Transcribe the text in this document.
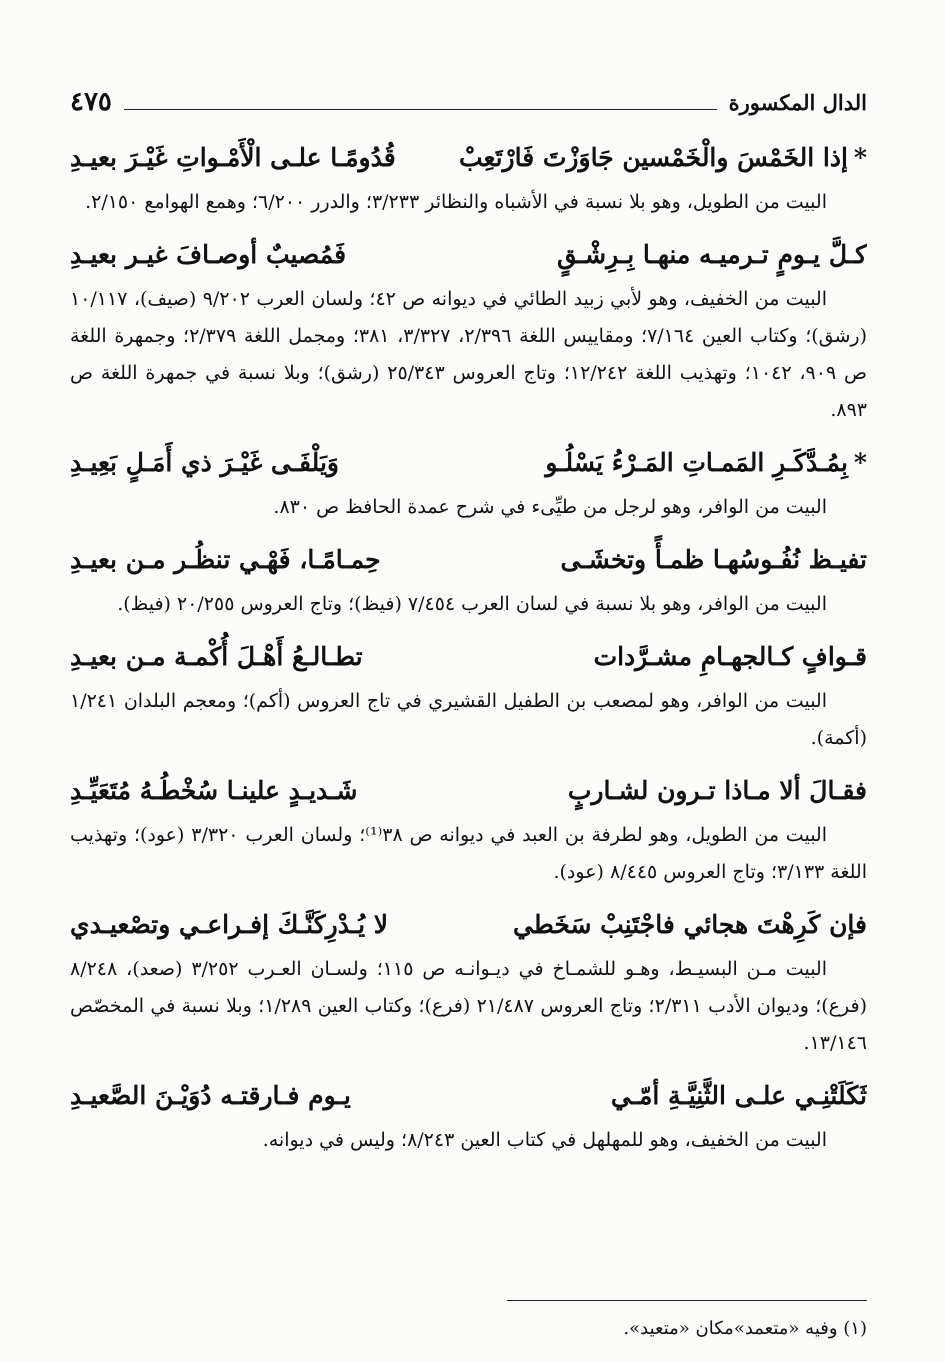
الدال المكسورة
٤٧٥
*إذا الخَمْسَ والْخَمْسين جَاوَزْتَ فَارْتَعِبْ
قُدُومًـا علـى الْأَمْـواتِ غَيْـرَ بعيـدِ
البيت من الطويل، وهو بلا نسبة في الأشباه والنظائر ٣/٢٣٣؛ والدرر ٦/٢٠٠؛ وهمع الهوامع ٢/١٥٠.
كـلَّ يـومٍ تـرميـه منهـا بِـرِشْـقٍ
فَمُصيبٌ أوصـافَ غيـر بعيـدِ
البيت من الخفيف، وهو لأبي زبيد الطائي في ديوانه ص ٤٢؛ ولسان العرب ٩/٢٠٢ (صيف)، ١٠/١١٧ (رشق)؛ وكتاب العين ٧/١٦٤؛ ومقاييس اللغة ٢/٣٩٦، ٣/٣٢٧، ٣٨١؛ ومجمل اللغة ٢/٣٧٩؛ وجمهرة اللغة ص ٩٠٩، ١٠٤٢؛ وتهذيب اللغة ١٢/٢٤٢؛ وتاج العروس ٢٥/٣٤٣ (رشق)؛ وبلا نسبة في جمهرة اللغة ص ٨٩٣.
*بِمُـدَّكَـرِ المَمـاتِ المَـرْءُ يَسْلُـو
وَيَلْفَـى غَيْـرَ ذي أَمَـلٍ بَعِيـدِ
البيت من الوافر، وهو لرجل من طيِّىء في شرح عمدة الحافظ ص ٨٣٠.
تفيـظ نُفُـوسُهـا ظمـأً وتخشَـى
حِمـامًـا، فَهْـي تنظُـر مـن بعيـدِ
البيت من الوافر، وهو بلا نسبة في لسان العرب ٧/٤٥٤ (فيظ)؛ وتاج العروس ٢٠/٢٥٥ (فيظ).
قـوافٍ كـالجهـامِ مشـرَّدات
تطـالـعُ أَهْـلَ أُكْمـة مـن بعيـدِ
البيت من الوافر، وهو لمصعب بن الطفيل القشيري في تاج العروس (أكم)؛ ومعجم البلدان ١/٢٤١ (أكمة).
فقـالَ ألا مـاذا تـرون لشـاربٍ
شَـديـدٍ علينـا سُخْطُـهُ مُتَعَيِّـدِ
البيت من الطويل، وهو لطرفة بن العبد في ديوانه ص ٣٨⁽¹⁾؛ ولسان العرب ٣/٣٢٠ (عود)؛ وتهذيب اللغة ٣/١٣٣؛ وتاج العروس ٨/٤٤٥ (عود).
فإن كَرِهْتَ هجائي فاجْتَنِبْ سَخَطي
لا يُـدْرِكَنَّـكَ إفـراعـي وتصْعيـدي
البيت مـن البسيـط، وهـو للشمـاخ في ديـوانـه ص ١١٥؛ ولسـان العـرب ٣/٢٥٢ (صعد)، ٨/٢٤٨ (فرع)؛ وديوان الأدب ٢/٣١١؛ وتاج العروس ٢١/٤٨٧ (فرع)؛ وكتاب العين ١/٢٨٩؛ وبلا نسبة في المخصّص ١٣/١٤٦.
ثَكَلَتْنِـي علـى الثَّنِيَّـةِ أمّـي
يـوم فـارقتـه دُوَيْـنَ الصَّعيـدِ
البيت من الخفيف، وهو للمهلهل في كتاب العين ٨/٢٤٣؛ وليس في ديوانه.
(١) وفيه «متعمد»مكان «متعيد».
